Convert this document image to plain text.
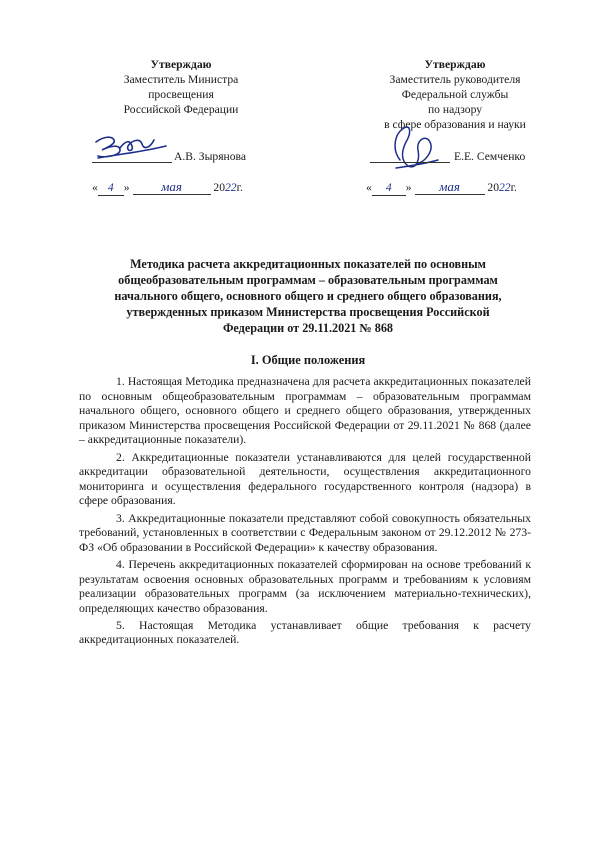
Утверждаю
Заместитель Министра
просвещения
Российской Федерации
А.В. Зырянова
« 4 » мая	2022г.
Утверждаю
Заместитель руководителя
Федеральной службы
по надзору
в сфере образования и науки
Е.Е. Семченко
« 4 » мая 2022г.
Методика расчета аккредитационных показателей по основным
общеобразовательным программам – образовательным программам
начального общего, основного общего и среднего общего образования,
утвержденных приказом Министерства просвещения Российской
Федерации от 29.11.2021 № 868
I. Общие положения

1. Настоящая Методика предназначена для расчета аккредитационных показателей по основным общеобразовательным программам – образовательным программам начального общего, основного общего и среднего общего образования, утвержденных приказом Министерства просвещения Российской Федерации от 29.11.2021 № 868 (далее – аккредитационные показатели).

2. Аккредитационные показатели устанавливаются для целей государственной аккредитации образовательной деятельности, осуществления аккредитационного мониторинга и осуществления федерального государственного контроля (надзора) в сфере образования.

3. Аккредитационные показатели представляют собой совокупность обязательных требований, установленных в соответствии с Федеральным законом от 29.12.2012 № 273-ФЗ «Об образовании в Российской Федерации» к качеству образования.

4. Перечень аккредитационных показателей сформирован на основе требований к результатам освоения основных образовательных программ и требованиям к условиям реализации образовательных программ (за исключением материально-технических), определяющих качество образования.

5. Настоящая Методика устанавливает общие требования к расчету аккредитационных показателей.
